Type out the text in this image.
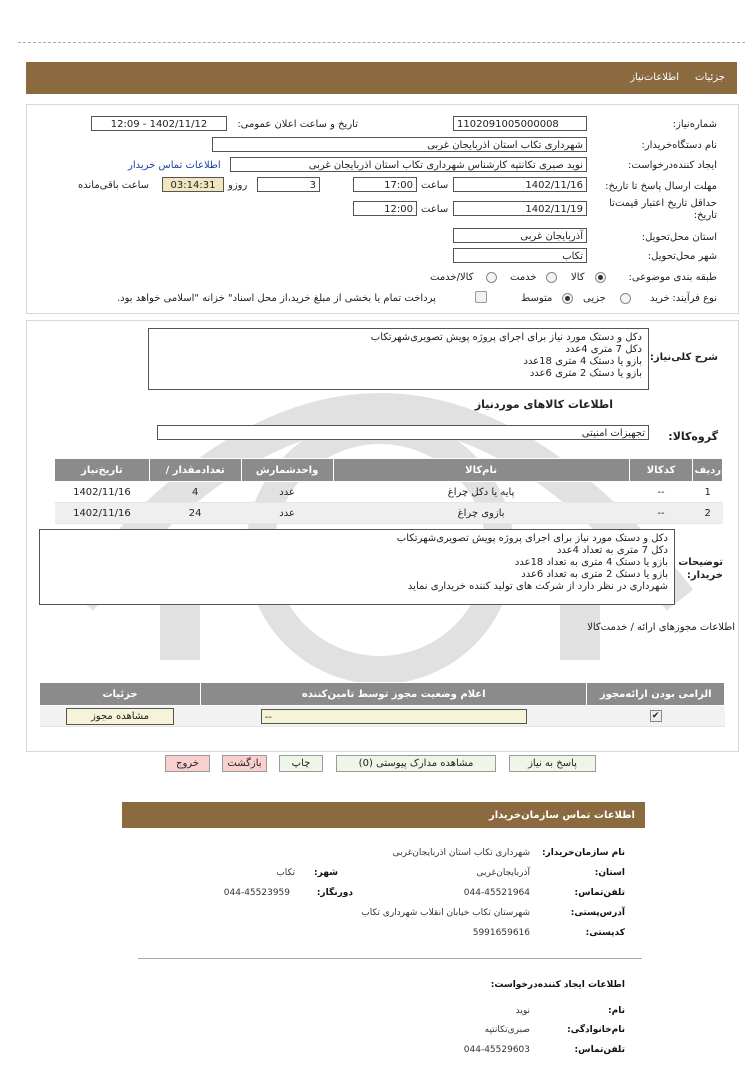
جزئیات
اطلاعات‌نیاز
شماره‌نیاز:
1102091005000008
تاریخ و ساعت اعلان عمومی:
1402/11/12 - 12:09
نام دستگاه‌خریدار:
شهرداری تکاب استان اذربایجان غربی
ایجاد کننده‌درخواست:
نوید صبری تکانتپه کارشناس شهرداری تکاب استان اذربایجان غربی
اطلاعات تماس خریدار
مهلت ارسال پاسخ تا تاریخ:
1402/11/16
ساعت
17:00
3
روزو
03:14:31
ساعت باقی‌مانده
حداقل تاریخ اعتبار قیمت‌تا تاریخ:
1402/11/19
ساعت
12:00
استان محل‌تحویل:
آذربایجان غربی
شهر محل‌تحویل:
تکاب
طبقه بندی موضوعی:
کالا
خدمت
کالا/خدمت
نوع فرآیند:
خرید
جزیی
متوسط
پرداخت تمام یا بخشی از مبلغ خرید،از محل اسناد" خزانه "اسلامی خواهد بود.
شرح کلی‌نیاز:
دکل و دستک مورد نیاز برای اجرای پروژه پویش تصویری‌شهرتکاب
دکل 7 متری 4عدد
بازو یا دستک 4 متری 18عدد
بازو یا دستک 2 متری 6عدد
اطلاعات کالاهای موردنیاز
گروه‌کالا:
تجهیزات امنیتی
ردیف	کدکالا	نام‌کالا	واحدشمارش	تعدادمقدار /	تاریخ‌نیاز
1	--	پایه یا دکل چراغ	عدد	4	1402/11/16
2	--	بازوی چراغ	عدد	24	1402/11/16
توضیحات خریدار:
دکل و دستک مورد نیاز برای اجرای پروژه پویش تصویری‌شهرتکاب
دکل 7 متری به تعداد 4عدد
بازو یا دستک 4 متری به تعداد 18عدد
بازو یا دستک 2 متری به تعداد 6عدد
شهرداری در نظر دارد از شرکت های تولید کننده خریداری نماید
اطلاعات مجوزهای ارائه / خدمت‌کالا
الزامی بودن ارائه‌مجوز	اعلام وضعیت مجوز توسط تامین‌کننده	جزئیات
✔	--	مشاهده مجوز
پاسخ به نیاز
مشاهده مدارک پیوستی (0)
چاپ
بازگشت
خروج
اطلاعات تماس سازمان‌خریدار
نام سازمان‌خریدار:
شهرداری تکاب استان اذربایجان‌غربی
استان:
آذربایجان‌غربی
شهر:
تکاب
تلفن‌تماس:
044-45521964
دورنگار:
044-45523959
آدرس‌پستی:
شهرستان تکاب خیابان انقلاب شهرداری تکاب
کدپستی:
5991659616
اطلاعات ایجاد کننده‌درخواست:
نام:
نوید
نام‌خانوادگی:
صبری‌تکانتپه
تلفن‌تماس:
044-45529603
